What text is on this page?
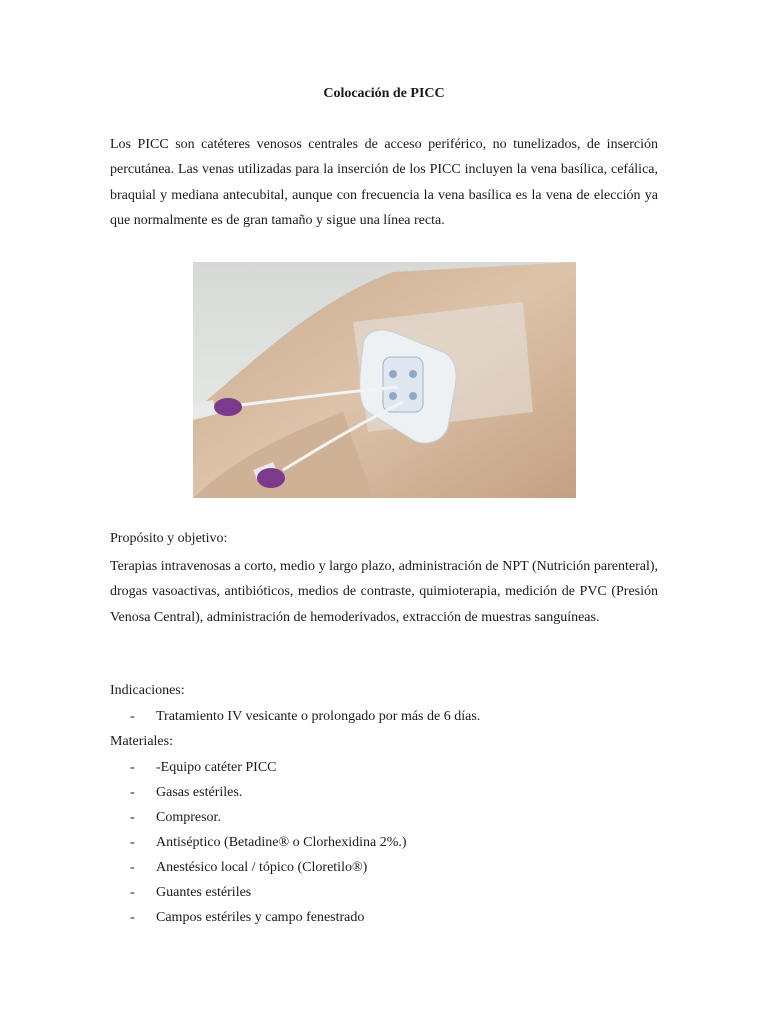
Colocación de PICC

Los PICC son catéteres venosos centrales de acceso periférico, no tunelizados, de inserción percutánea. Las venas utilizadas para la inserción de los PICC incluyen la vena basílica, cefálica, braquial y mediana antecubital, aunque con frecuencia la vena basílica es la vena de elección ya que normalmente es de gran tamaño y sigue una línea recta.

Propósito y objetivo:

Terapias intravenosas a corto, medio y largo plazo, administración de NPT (Nutrición parenteral), drogas vasoactivas, antibióticos, medios de contraste, quimioterapia, medición de PVC (Presión Venosa Central), administración de hemoderivados, extracción de muestras sanguíneas.

Indicaciones:
- Tratamiento IV vesicante o prolongado por más de 6 días.
Materiales:
- -Equipo catéter PICC
- Gasas estériles.
- Compresor.
- Antiséptico (Betadine® o Clorhexidina 2%.)
- Anestésico local / tópico (Cloretilo®)
- Guantes estériles
- Campos estériles y campo fenestrado
